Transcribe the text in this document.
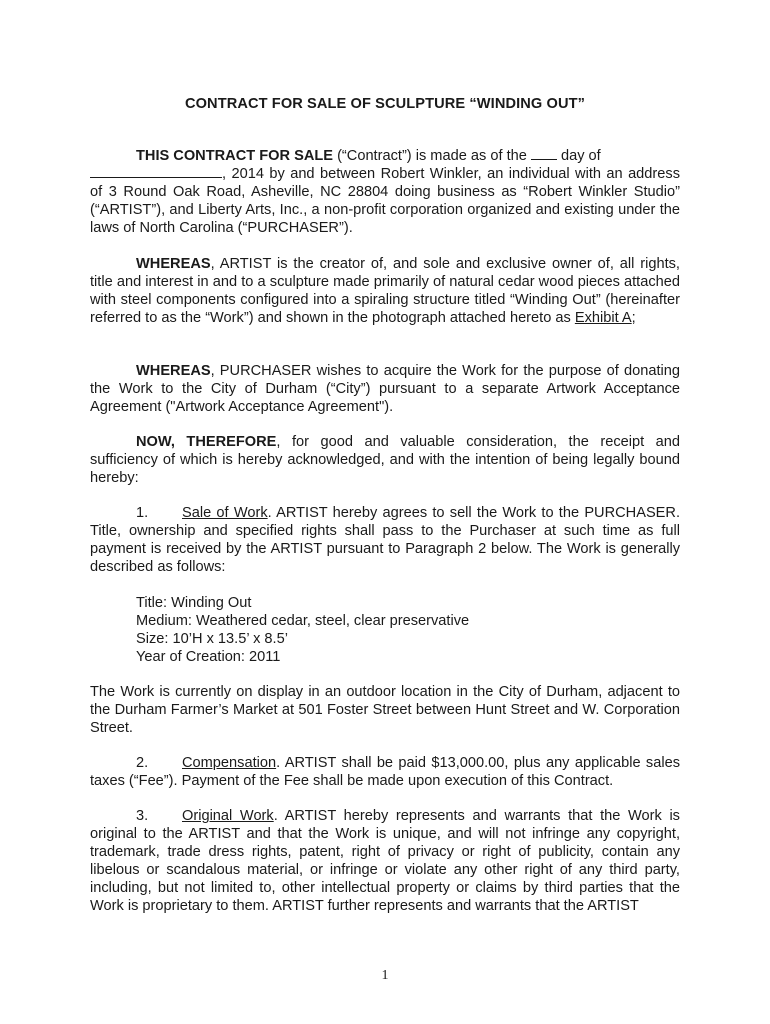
CONTRACT FOR SALE OF SCULPTURE “WINDING OUT”
THIS CONTRACT FOR SALE (“Contract”) is made as of the  day of
, 2014 by and between Robert Winkler, an individual with an address of 3 Round Oak Road, Asheville, NC 28804 doing business as “Robert Winkler Studio” (“ARTIST”), and Liberty Arts, Inc., a non-profit corporation organized and existing under the laws of North Carolina (“PURCHASER”).
WHEREAS, ARTIST is the creator of, and sole and exclusive owner of, all rights, title and interest in and to a sculpture made primarily of natural cedar wood pieces attached with steel components configured into a spiraling structure titled “Winding Out” (hereinafter referred to as the “Work”) and shown in the photograph attached hereto as Exhibit A;
WHEREAS, PURCHASER wishes to acquire the Work for the purpose of donating the Work to the City of Durham (“City”) pursuant to a separate Artwork Acceptance Agreement ("Artwork Acceptance Agreement").
NOW, THEREFORE, for good and valuable consideration, the receipt and sufficiency of which is hereby acknowledged, and with the intention of being legally bound hereby:
1. Sale of Work. ARTIST hereby agrees to sell the Work to the PURCHASER. Title, ownership and specified rights shall pass to the Purchaser at such time as full payment is received by the ARTIST pursuant to Paragraph 2 below. The Work is generally described as follows:
Title: Winding Out
Medium: Weathered cedar, steel, clear preservative
Size: 10’H x 13.5’ x 8.5’
Year of Creation: 2011
The Work is currently on display in an outdoor location in the City of Durham, adjacent to the Durham Farmer’s Market at 501 Foster Street between Hunt Street and W. Corporation Street.
2. Compensation. ARTIST shall be paid $13,000.00, plus any applicable sales taxes (“Fee”). Payment of the Fee shall be made upon execution of this Contract.
3. Original Work. ARTIST hereby represents and warrants that the Work is original to the ARTIST and that the Work is unique, and will not infringe any copyright, trademark, trade dress rights, patent, right of privacy or right of publicity, contain any libelous or scandalous material, or infringe or violate any other right of any third party, including, but not limited to, other intellectual property or claims by third parties that the Work is proprietary to them. ARTIST further represents and warrants that the ARTIST
1
